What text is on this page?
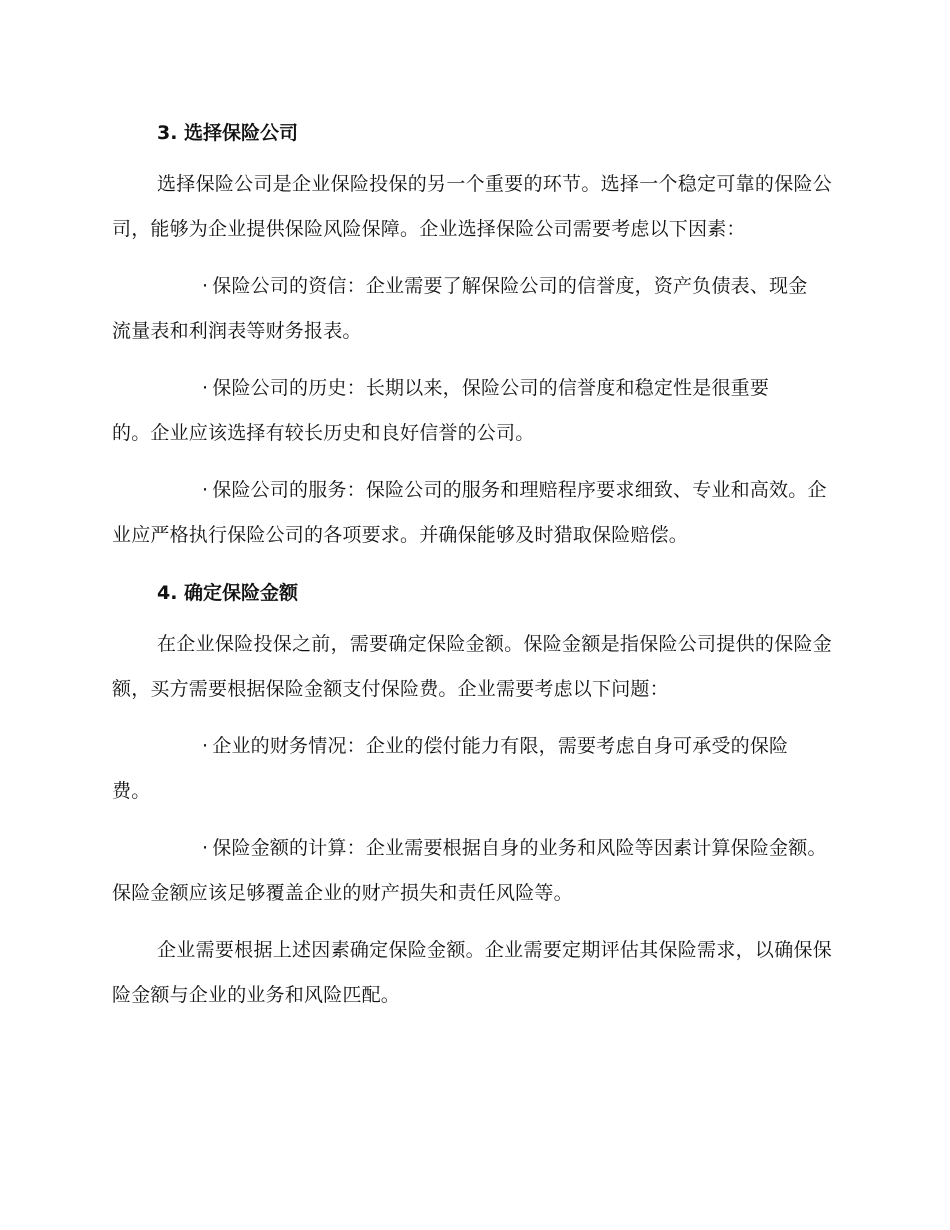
3. 选择保险公司

选择保险公司是企业保险投保的另一个重要的环节。选择一个稳定可靠的保险公司，能够为企业提供保险风险保障。企业选择保险公司需要考虑以下因素：

· 保险公司的资信：企业需要了解保险公司的信誉度，资产负债表、现金流量表和利润表等财务报表。

· 保险公司的历史：长期以来，保险公司的信誉度和稳定性是很重要的。企业应该选择有较长历史和良好信誉的公司。

· 保险公司的服务：保险公司的服务和理赔程序要求细致、专业和高效。企业应严格执行保险公司的各项要求。并确保能够及时猎取保险赔偿。

4. 确定保险金额

在企业保险投保之前，需要确定保险金额。保险金额是指保险公司提供的保险金额，买方需要根据保险金额支付保险费。企业需要考虑以下问题：

· 企业的财务情况：企业的偿付能力有限，需要考虑自身可承受的保险费。

· 保险金额的计算：企业需要根据自身的业务和风险等因素计算保险金额。保险金额应该足够覆盖企业的财产损失和责任风险等。

企业需要根据上述因素确定保险金额。企业需要定期评估其保险需求，以确保保险金额与企业的业务和风险匹配。
